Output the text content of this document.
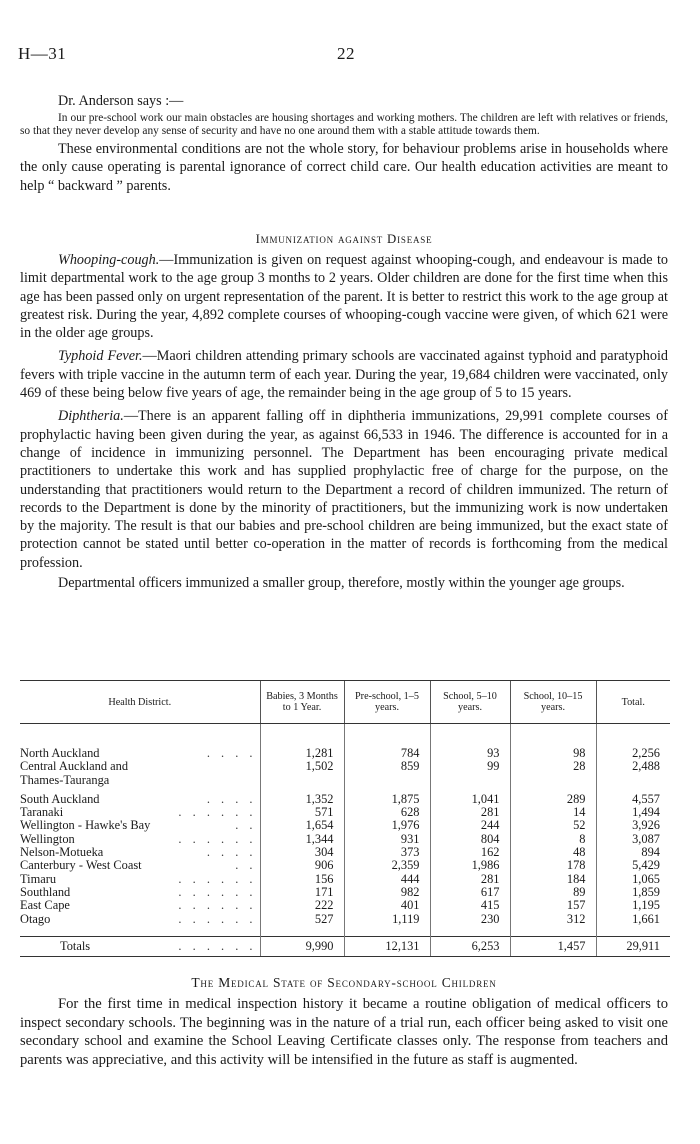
H—31	22

Dr. Anderson says :—

In our pre-school work our main obstacles are housing shortages and working mothers. The children are left with relatives or friends, so that they never develop any sense of security and have no one around them with a stable attitude towards them.

These environmental conditions are not the whole story, for behaviour problems arise in households where the only cause operating is parental ignorance of correct child care. Our health education activities are meant to help “ backward ” parents.

Immunization against Disease

Whooping-cough.—Immunization is given on request against whooping-cough, and endeavour is made to limit departmental work to the age group 3 months to 2 years. Older children are done for the first time when this age has been passed only on urgent representation of the parent. It is better to restrict this work to the age group at greatest risk. During the year, 4,892 complete courses of whooping-cough vaccine were given, of which 621 were in the older age groups.

Typhoid Fever.—Maori children attending primary schools are vaccinated against typhoid and paratyphoid fevers with triple vaccine in the autumn term of each year. During the year, 19,684 children were vaccinated, only 469 of these being below five years of age, the remainder being in the age group of 5 to 15 years.

Diphtheria.—There is an apparent falling off in diphtheria immunizations, 29,991 complete courses of prophylactic having been given during the year, as against 66,533 in 1946. The difference is accounted for in a change of incidence in immunizing personnel. The Department has been encouraging private medical practitioners to undertake this work and has supplied prophylactic free of charge for the purpose, on the understanding that practitioners would return to the Department a record of children immunized. The return of records to the Department is done by the minority of practitioners, but the immunizing work is now undertaken by the majority. The result is that our babies and pre-school children are being immunized, but the exact state of protection cannot be stated until better co-operation in the matter of records is forthcoming from the medical profession.

Departmental officers immunized a smaller group, therefore, mostly within the younger age groups.

Health District.	Babies, 3 Months to 1 Year.	Pre-school, 1–5 years.	School, 5–10 years.	School, 10–15 years.	Total.

North Auckland . . . .	1,281	784	93	98	2,256

Central Auckland and Thames-Tauranga	1,502	859	99	28	2,488

South Auckland . . . .	1,352	1,875	1,041	289	4,557

Taranaki . . . . . .	571	628	281	14	1,494

Wellington - Hawke's Bay . .	1,654	1,976	244	52	3,926

Wellington . . . . . .	1,344	931	804	8	3,087

Nelson-Motueka . . . .	304	373	162	48	894

Canterbury - West Coast . .	906	2,359	1,986	178	5,429

Timaru . . . . . .	156	444	281	184	1,065

Southland . . . . . .	171	982	617	89	1,859

East Cape . . . . . .	222	401	415	157	1,195

Otago . . . . . .	527	1,119	230	312	1,661

Totals . . . . . .	9,990	12,131	6,253	1,457	29,911

The Medical State of Secondary-school Children

For the first time in medical inspection history it became a routine obligation of medical officers to inspect secondary schools. The beginning was in the nature of a trial run, each officer being asked to visit one secondary school and examine the School Leaving Certificate classes only. The response from teachers and parents was appreciative, and this activity will be intensified in the future as staff is augmented.
